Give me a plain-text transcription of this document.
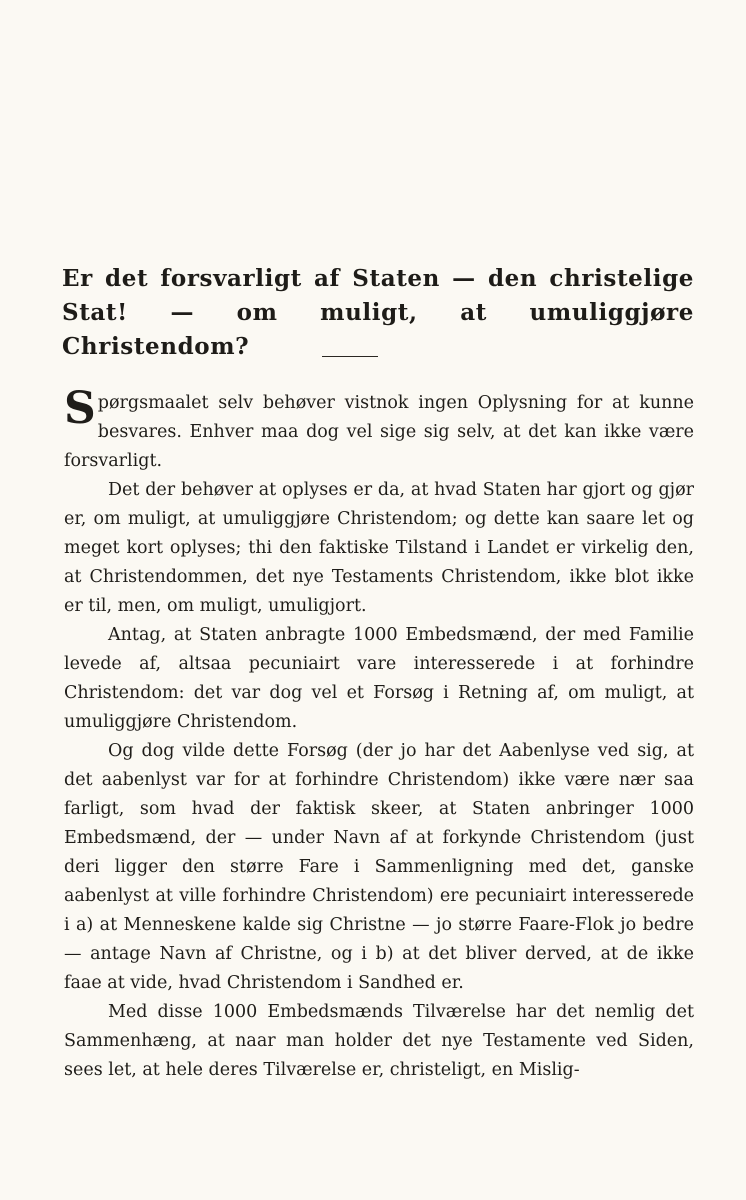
Er det forsvarligt af Staten — den christelige Stat! — om muligt, at umuliggjøre Christendom?

Spørgsmaalet selv behøver vistnok ingen Oplysning for at kunne besvares. Enhver maa dog vel sige sig selv, at det kan ikke være forsvarligt.

Det der behøver at oplyses er da, at hvad Staten har gjort og gjør er, om muligt, at umuliggjøre Christendom; og dette kan saare let og meget kort oplyses; thi den faktiske Tilstand i Landet er virkelig den, at Christendommen, det nye Testaments Christendom, ikke blot ikke er til, men, om muligt, umuligjort.

Antag, at Staten anbragte 1000 Embedsmænd, der med Familie levede af, altsaa pecuniairt vare interesserede i at forhindre Christendom: det var dog vel et Forsøg i Retning af, om muligt, at umuliggjøre Christendom.

Og dog vilde dette Forsøg (der jo har det Aabenlyse ved sig, at det aabenlyst var for at forhindre Christendom) ikke være nær saa farligt, som hvad der faktisk skeer, at Staten anbringer 1000 Embedsmænd, der — under Navn af at forkynde Christendom (just deri ligger den større Fare i Sammenligning med det, ganske aabenlyst at ville forhindre Christendom) ere pecuniairt interesserede i a) at Menneskene kalde sig Christne — jo større Faare-Flok jo bedre — antage Navn af Christne, og i b) at det bliver derved, at de ikke faae at vide, hvad Christendom i Sandhed er.

Med disse 1000 Embedsmænds Tilværelse har det nemlig det Sammenhæng, at naar man holder det nye Testamente ved Siden, sees let, at hele deres Tilværelse er, christeligt, en Mislig-
